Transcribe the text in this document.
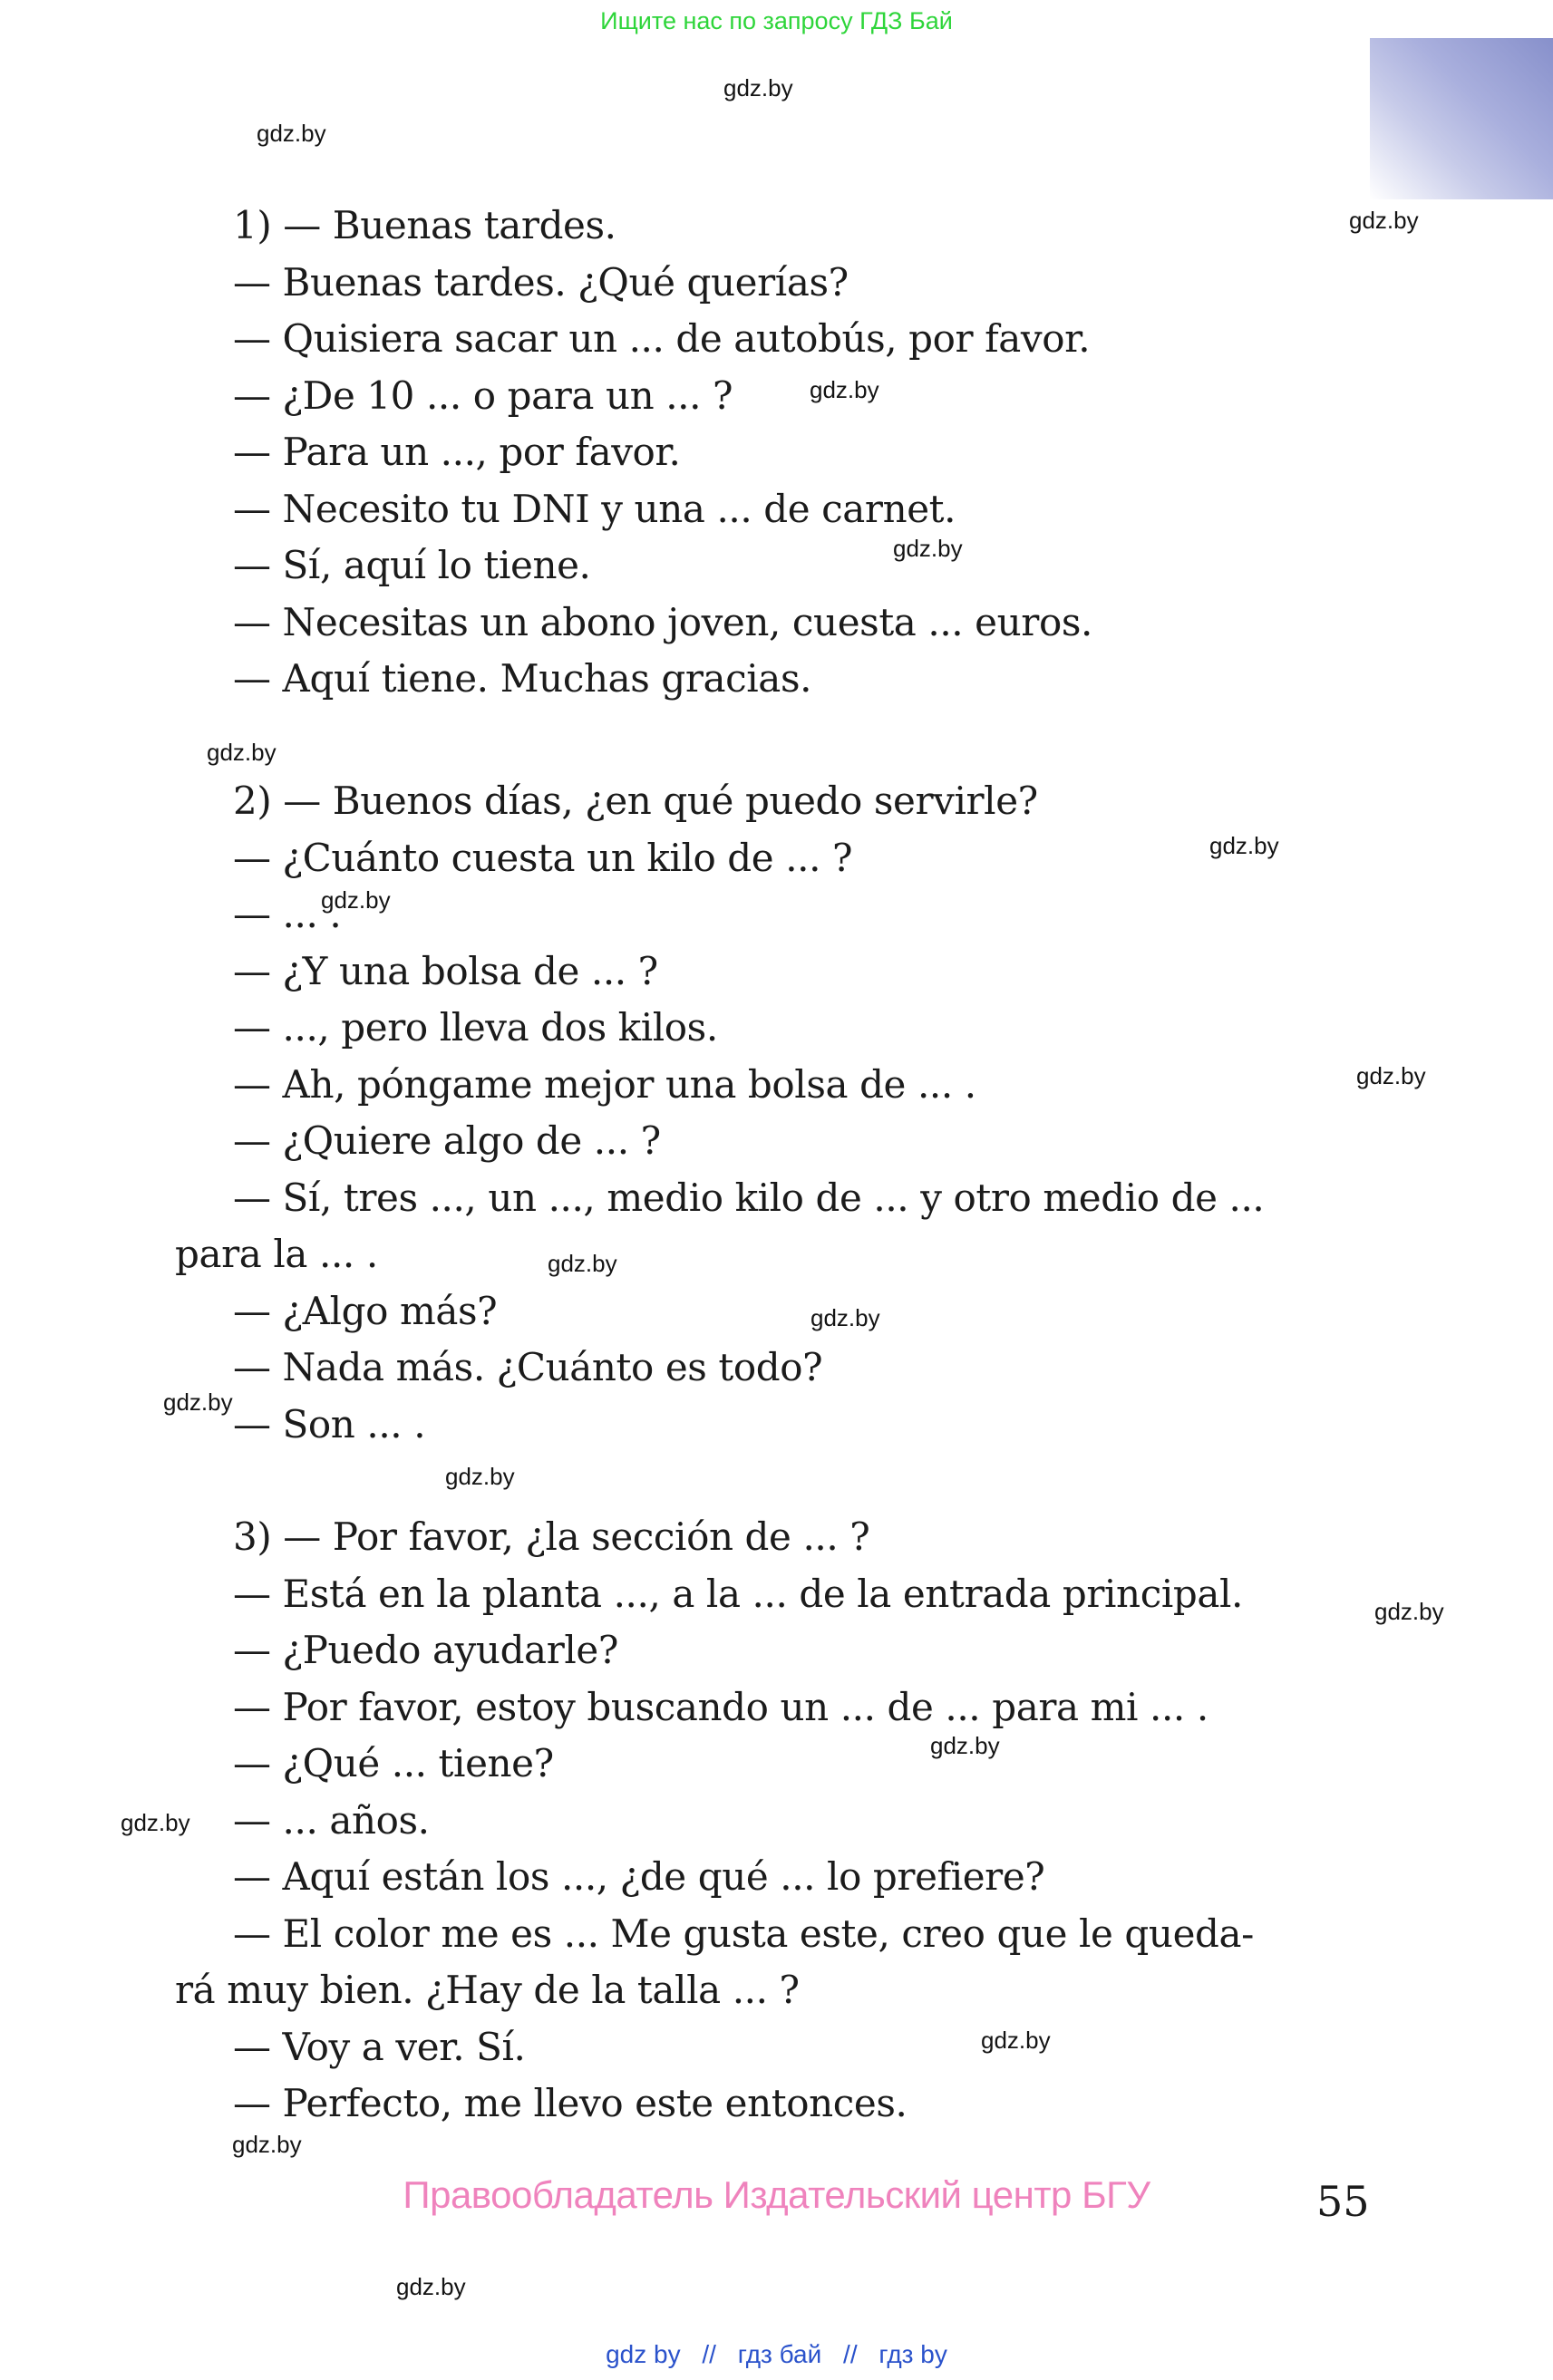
Ищите нас по запросу ГДЗ Бай
gdz.by
gdz.by
gdz.by
gdz.by
gdz.by
gdz.by
gdz.by
gdz.by
gdz.by
gdz.by
gdz.by
gdz.by
gdz.by
gdz.by
gdz.by
gdz.by
gdz.by
gdz.by
gdz.by
1) — Buenas tardes.
— Buenas tardes. ¿Qué querías?
— Quisiera sacar un ... de autobús, por favor.
— ¿De 10 ... o para un ... ?
— Para un ..., por favor.
— Necesito tu DNI y una ... de carnet.
— Sí, aquí lo tiene.
— Necesitas un abono joven, cuesta ... euros.
— Aquí tiene. Muchas gracias.
2) — Buenos días, ¿en qué puedo servirle?
— ¿Cuánto cuesta un kilo de ... ?
— ... .
— ¿Y una bolsa de ... ?
— ..., pero lleva dos kilos.
— Ah, póngame mejor una bolsa de ... .
— ¿Quiere algo de ... ?
— Sí, tres ..., un ..., medio kilo de ... y otro medio de ...
para la ... .
— ¿Algo más?
— Nada más. ¿Cuánto es todo?
— Son ... .
3) — Por favor, ¿la sección de ... ?
— Está en la planta ..., a la ... de la entrada principal.
— ¿Puedo ayudarle?
— Por favor, estoy buscando un ... de ... para mi ... .
— ¿Qué ... tiene?
— ... años.
— Aquí están los ..., ¿de qué ... lo prefiere?
— El color me es ... Me gusta este, creo que le queda-
rá muy bien. ¿Hay de la talla ... ?
— Voy a ver. Sí.
— Perfecto, me llevo este entonces.
Правообладатель Издательский центр БГУ	55
gdz by // гдз бай // гдз by
